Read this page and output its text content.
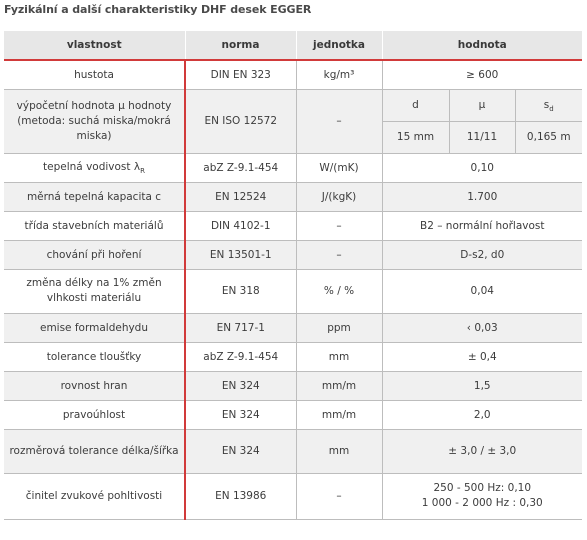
Fyzikální a další charakteristiky DHF desek EGGER
vlastnost	norma	jednotka	hodnota		
hustota	DIN EN 323	kg/m³	≥ 600		
výpočetní hodnota μ hodnoty (metoda: suchá miska/mokrá miska)	EN ISO 12572	–	d	μ	$s_d$
			15 mm	11/11	0,165 m
tepelná vodivost $\lambda_R$	abZ Z-9.1-454	W/(mK)	0,10		
měrná tepelná kapacita c	EN 12524	J/(kgK)	1.700		
třída stavebních materiálů	DIN 4102-1	–	B2 – normální hořlavost		
chování při hoření	EN 13501-1	–	D-s2, d0		
změna délky na 1% změn vlhkosti materiálu	EN 318	% / %	0,04		
emise formaldehydu	EN 717-1	ppm	‹ 0,03		
tolerance tloušťky	abZ Z-9.1-454	mm	± 0,4		
rovnost hran	EN 324	mm/m	1,5		
pravoúhlost	EN 324	mm/m	2,0		
rozměrová tolerance délka/šířka	EN 324	mm	± 3,0 / ± 3,0		
činitel zvukové pohltivosti	EN 13986	–	250 - 500 Hz: 0,10
1 000 - 2 000 Hz : 0,30		
